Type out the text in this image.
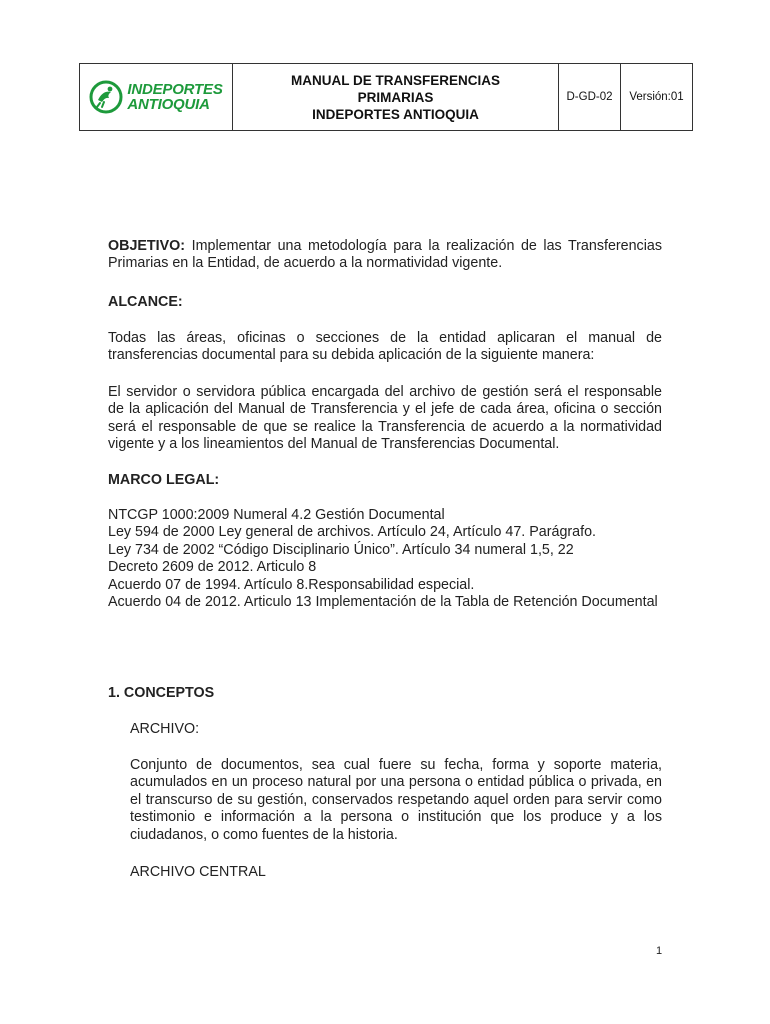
INDEPORTES
ANTIOQUIA
MANUAL DE TRANSFERENCIAS
PRIMARIAS
INDEPORTES ANTIOQUIA
D-GD-02	Versión:01

OBJETIVO: Implementar una metodología para la realización de las Transferencias Primarias en la Entidad, de acuerdo a la normatividad vigente.

ALCANCE:

Todas las áreas, oficinas o secciones de la entidad aplicaran el manual de transferencias documental para su debida aplicación de la siguiente manera:

El servidor o servidora pública encargada del archivo de gestión será el responsable de la aplicación del Manual de Transferencia y el jefe de cada área, oficina o sección será el responsable de que se realice la Transferencia de acuerdo a la normatividad vigente y a los lineamientos del Manual de Transferencias Documental.

MARCO LEGAL:

NTCGP 1000:2009 Numeral 4.2 Gestión Documental
Ley 594 de 2000 Ley general de archivos. Artículo 24, Artículo 47. Parágrafo.
Ley 734 de 2002 “Código Disciplinario Único”. Artículo 34 numeral 1,5, 22
Decreto 2609 de 2012. Articulo 8
Acuerdo 07 de 1994. Artículo 8.Responsabilidad especial.
Acuerdo 04 de 2012. Articulo 13 Implementación de la Tabla de Retención Documental

1. CONCEPTOS

ARCHIVO:

Conjunto de documentos, sea cual fuere su fecha, forma y soporte materia, acumulados en un proceso natural por una persona o entidad pública o privada, en el transcurso de su gestión, conservados respetando aquel orden para servir como testimonio e información a la persona o institución que los produce y a los ciudadanos, o como fuentes de la historia.

ARCHIVO CENTRAL

1
